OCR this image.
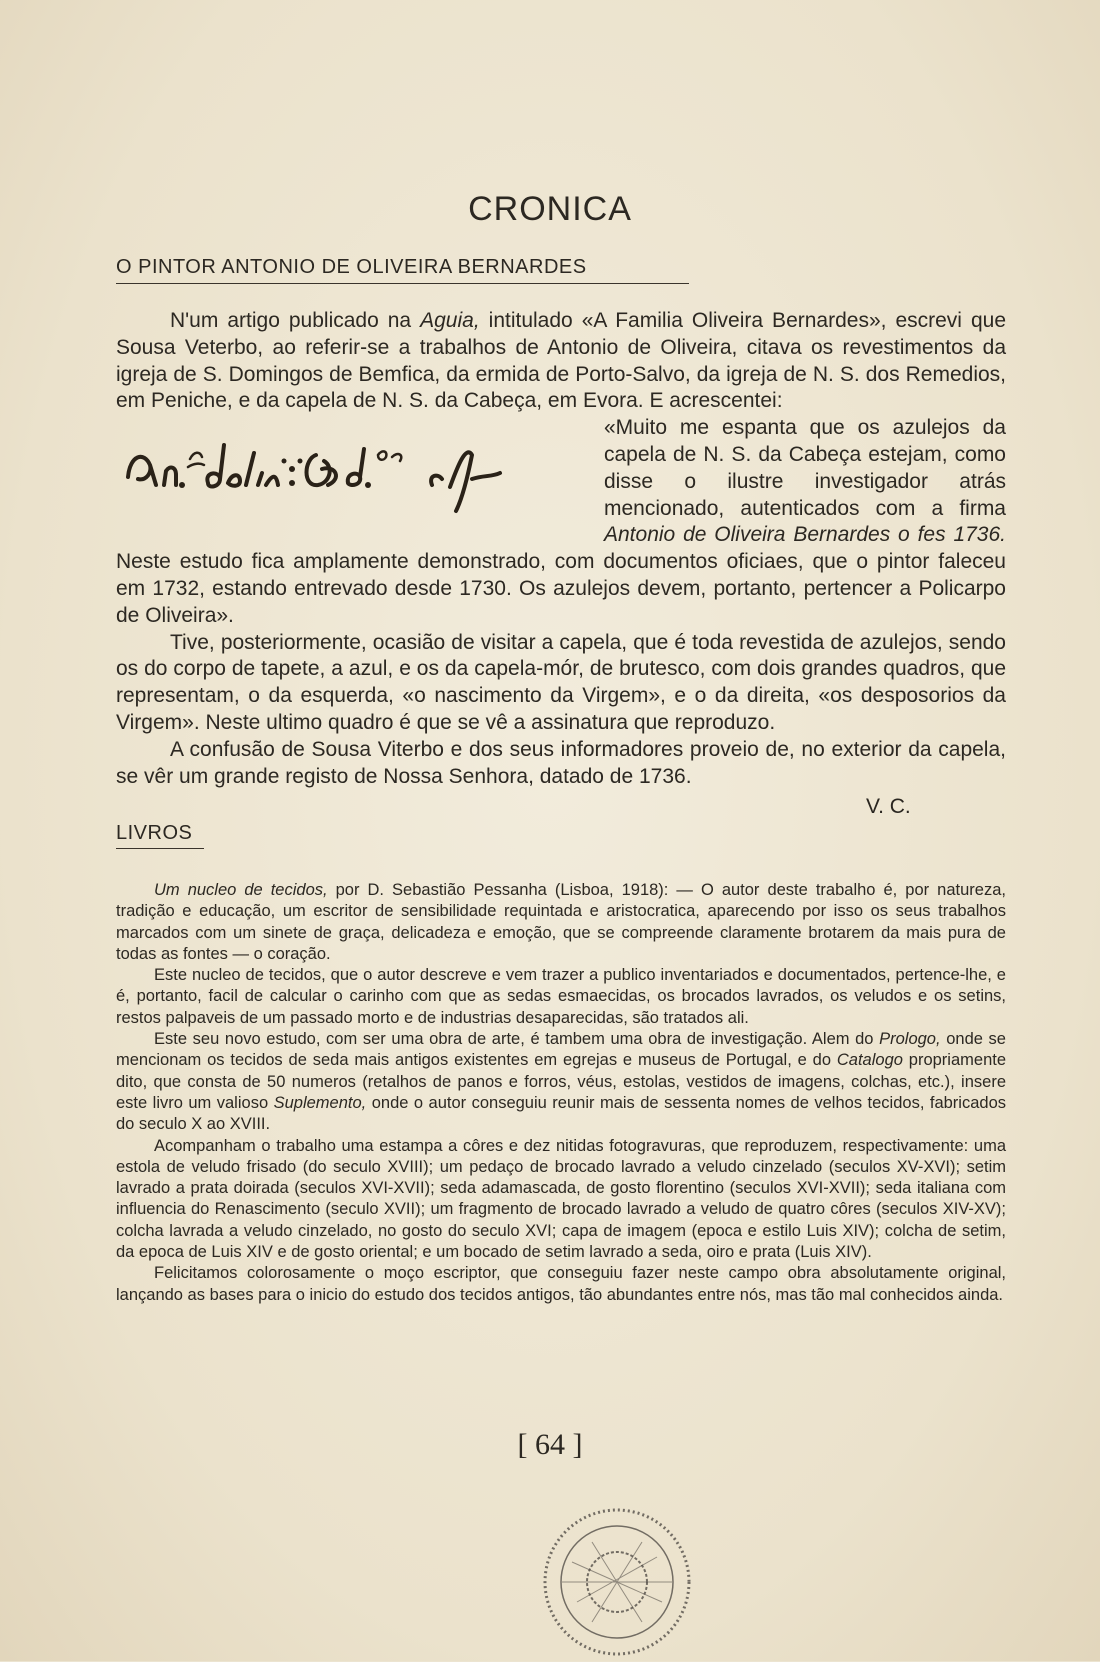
CRONICA
O PINTOR ANTONIO DE OLIVEIRA BERNARDES

N'um artigo publicado na Aguia, intitulado «A Familia Oliveira Bernardes», escrevi que Sousa Veterbo, ao referir-se a trabalhos de Antonio de Oliveira, citava os revestimentos da igreja de S. Domingos de Bemfica, da ermida de Porto-Salvo, da igreja de N. S. dos Remedios, em Peniche, e da capela de N. S. da Cabeça, em Evora. E acrescentei:

«Muito me espanta que os azulejos da capela de N. S. da Cabeça estejam, como disse o ilustre investigador atrás mencionado, autenticados com a firma Antonio de Oliveira Bernardes o fes 1736. Neste estudo fica amplamente demonstrado, com documentos oficiaes, que o pintor faleceu em 1732, estando entrevado desde 1730. Os azulejos devem, portanto, pertencer a Policarpo de Oliveira».

Tive, posteriormente, ocasião de visitar a capela, que é toda revestida de azulejos, sendo os do corpo de tapete, a azul, e os da capela-mór, de brutesco, com dois grandes quadros, que representam, o da esquerda, «o nascimento da Virgem», e o da direita, «os desposorios da Virgem». Neste ultimo quadro é que se vê a assinatura que reproduzo.

A confusão de Sousa Viterbo e dos seus informadores proveio de, no exterior da capela, se vêr um grande registo de Nossa Senhora, datado de 1736.

V. C.
LIVROS

Um nucleo de tecidos, por D. Sebastião Pessanha (Lisboa, 1918): — O autor deste trabalho é, por natureza, tradição e educação, um escritor de sensibilidade requintada e aristocratica, aparecendo por isso os seus trabalhos marcados com um sinete de graça, delicadeza e emoção, que se compreende claramente brotarem da mais pura de todas as fontes — o coração.

Este nucleo de tecidos, que o autor descreve e vem trazer a publico inventariados e documentados, pertence-lhe, e é, portanto, facil de calcular o carinho com que as sedas esmaecidas, os brocados lavrados, os veludos e os setins, restos palpaveis de um passado morto e de industrias desaparecidas, são tratados ali.

Este seu novo estudo, com ser uma obra de arte, é tambem uma obra de investigação. Alem do Prologo, onde se mencionam os tecidos de seda mais antigos existentes em egrejas e museus de Portugal, e do Catalogo propriamente dito, que consta de 50 numeros (retalhos de panos e forros, véus, estolas, vestidos de imagens, colchas, etc.), insere este livro um valioso Suplemento, onde o autor conseguiu reunir mais de sessenta nomes de velhos tecidos, fabricados do seculo X ao XVIII.

Acompanham o trabalho uma estampa a côres e dez nitidas fotogravuras, que reproduzem, respectivamente: uma estola de veludo frisado (do seculo XVIII); um pedaço de brocado lavrado a veludo cinzelado (seculos XV-XVI); setim lavrado a prata doirada (seculos XVI-XVII); seda adamascada, de gosto florentino (seculos XVI-XVII); seda italiana com influencia do Renascimento (seculo XVII); um fragmento de brocado lavrado a veludo de quatro côres (seculos XIV-XV); colcha lavrada a veludo cinzelado, no gosto do seculo XVI; capa de imagem (epoca e estilo Luis XIV); colcha de setim, da epoca de Luis XIV e de gosto oriental; e um bocado de setim lavrado a seda, oiro e prata (Luis XIV).

Felicitamos colorosamente o moço escriptor, que conseguiu fazer neste campo obra absolutamente original, lançando as bases para o inicio do estudo dos tecidos antigos, tão abundantes entre nós, mas tão mal conhecidos ainda.

[ 64 ]
